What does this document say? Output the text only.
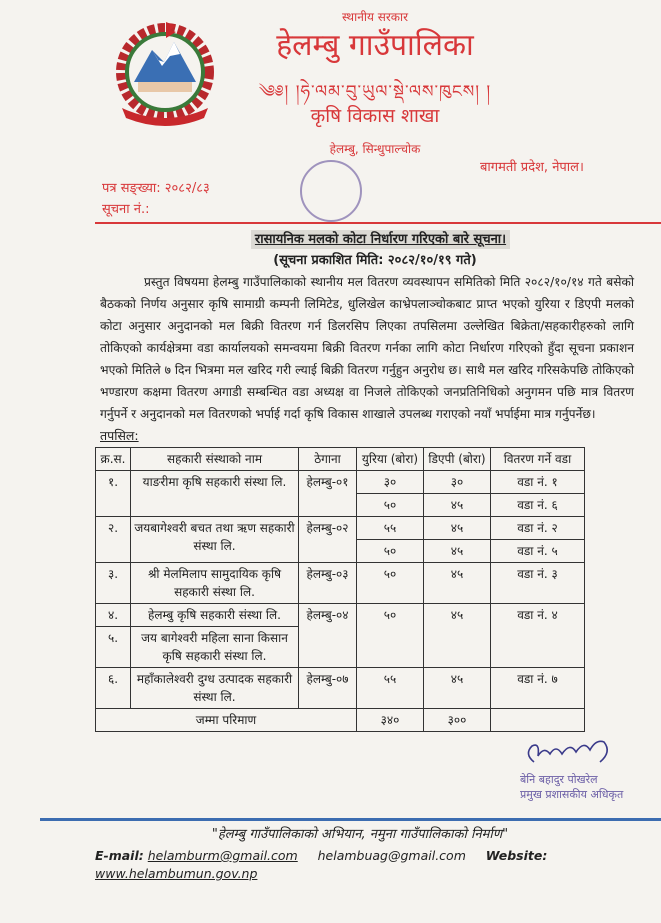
स्थानीय सरकार
हेलम्बु गाउँपालिका
༄༅། །ཧེ་ལམ་བུ་ཡུལ་སྡེ་ལས་ཁུངས། །
कृषि विकास शाखा
हेलम्बु, सिन्धुपाल्चोक
बागमती प्रदेश, नेपाल।
पत्र सङ्ख्या: २०८२/८३
सूचना नं.:
रासायनिक मलको कोटा निर्धारण गरिएको बारे सूचना।
(सूचना प्रकाशित मिति: २०८२/१०/१९ गते)
प्रस्तुत विषयमा हेलम्बु गाउँपालिकाको स्थानीय मल वितरण व्यवस्थापन समितिको मिति २०८२/१०/१४ गते बसेको बैठकको निर्णय अनुसार कृषि सामाग्री कम्पनी लिमिटेड, धुलिखेल काभ्रेपलाञ्चोकबाट प्राप्त भएको युरिया र डिएपी मलको कोटा अनुसार अनुदानको मल बिक्री वितरण गर्न डिलरसिप लिएका तपसिलमा उल्लेखित बिक्रेता/सहकारीहरुको लागि तोकिएको कार्यक्षेत्रमा वडा कार्यालयको समन्वयमा बिक्री वितरण गर्नका लागि कोटा निर्धारण गरिएको हुँदा सूचना प्रकाशन भएको मितिले ७ दिन भित्रमा मल खरिद गरी ल्याई बिक्री वितरण गर्नुहुन अनुरोध छ। साथै मल खरिद गरिसकेपछि तोकिएको भण्डारण कक्षमा वितरण अगाडी सम्बन्धित वडा अध्यक्ष वा निजले तोकिएको जनप्रतिनिधिको अनुगमन पछि मात्र वितरण गर्नुपर्ने र अनुदानको मल वितरणको भर्पाई गर्दा कृषि विकास शाखाले उपलब्ध गराएको नयाँ भर्पाईमा मात्र गर्नुपर्नेछ।
तपसिल:
क्र.स.	सहकारी संस्थाको नाम	ठेगाना	युरिया (बोरा)	डिएपी (बोरा)	वितरण गर्ने वडा
१.	याङरीमा कृषि सहकारी संस्था लि.	हेलम्बु-०१	३०	३०	वडा नं. १
			५०	४५	वडा नं. ६
२.	जयबागेश्वरी बचत तथा ऋण सहकारी संस्था लि.	हेलम्बु-०२	५५	४५	वडा नं. २
			५०	४५	वडा नं. ५
३.	श्री मेलमिलाप सामुदायिक कृषि सहकारी संस्था लि.	हेलम्बु-०३	५०	४५	वडा नं. ३
४.	हेलम्बु कृषि सहकारी संस्था लि.	हेलम्बु-०४	५०	४५	वडा नं. ४
५.	जय बागेश्वरी महिला साना किसान कृषि सहकारी संस्था लि.				
६.	महाँकालेश्वरी दुग्ध उत्पादक सहकारी संस्था लि.	हेलम्बु-०७	५५	४५	वडा नं. ७
जम्मा परिमाण			३४०	३००	
बेनि बहादुर पोखरेल
प्रमुख प्रशासकीय अधिकृत
"हेलम्बु गाउँपालिकाको अभियान, नमुना गाउँपालिकाको निर्माण"
E-mail: helamburm@gmail.com helambuag@gmail.com Website: www.helambumun.gov.np
